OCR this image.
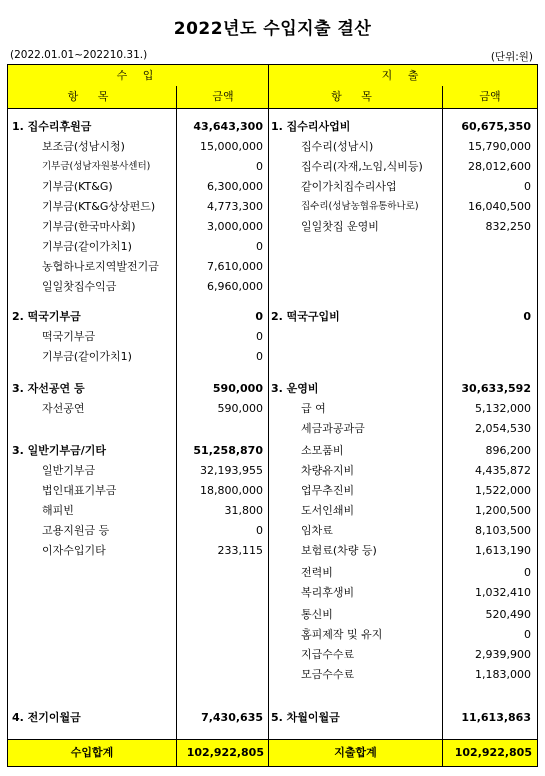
2022년도 수입지출 결산
(2022.01.01~202210.31.)	(단위:원)
수 입
항 목	금액
1. 집수리후원금	43,643,300
보조금(성남시청)	15,000,000
기부금(성남자원봉사센터)	0
기부금(KT&G)	6,300,000
기부금(KT&G상상펀드)	4,773,300
기부금(한국마사회)	3,000,000
기부금(같이가치1)	0
농협하나로지역발전기금	7,610,000
일일찻집수익금	6,960,000
2. 떡국기부금	0
떡국기부금	0
기부금(같이가치1)	0
3. 자선공연 등	590,000
자선공연	590,000
3. 일반기부금/기타	51,258,870
일반기부금	32,193,955
법인대표기부금	18,800,000
해피빈	31,800
고용지원금 등	0
이자수입기타	233,115
4. 전기이월금	7,430,635
수입합계	102,922,805
지 출
항 목	금액
1. 집수리사업비	60,675,350
집수리(성남시)	15,790,000
집수리(자재,노임,식비등)	28,012,600
같이가치집수리사업	0
집수리(성남농협유통하나로)	16,040,500
일일찻집 운영비	832,250
2. 떡국구입비	0
3. 운영비	30,633,592
급 여	5,132,000
세금과공과금	2,054,530
소모품비	896,200
차량유지비	4,435,872
업무추진비	1,522,000
도서인쇄비	1,200,500
임차료	8,103,500
보험료(차량 등)	1,613,190
전력비	0
복리후생비	1,032,410
통신비	520,490
홈피제작 및 유지	0
지급수수료	2,939,900
모금수수료	1,183,000
5. 차월이월금	11,613,863
지출합계	102,922,805
